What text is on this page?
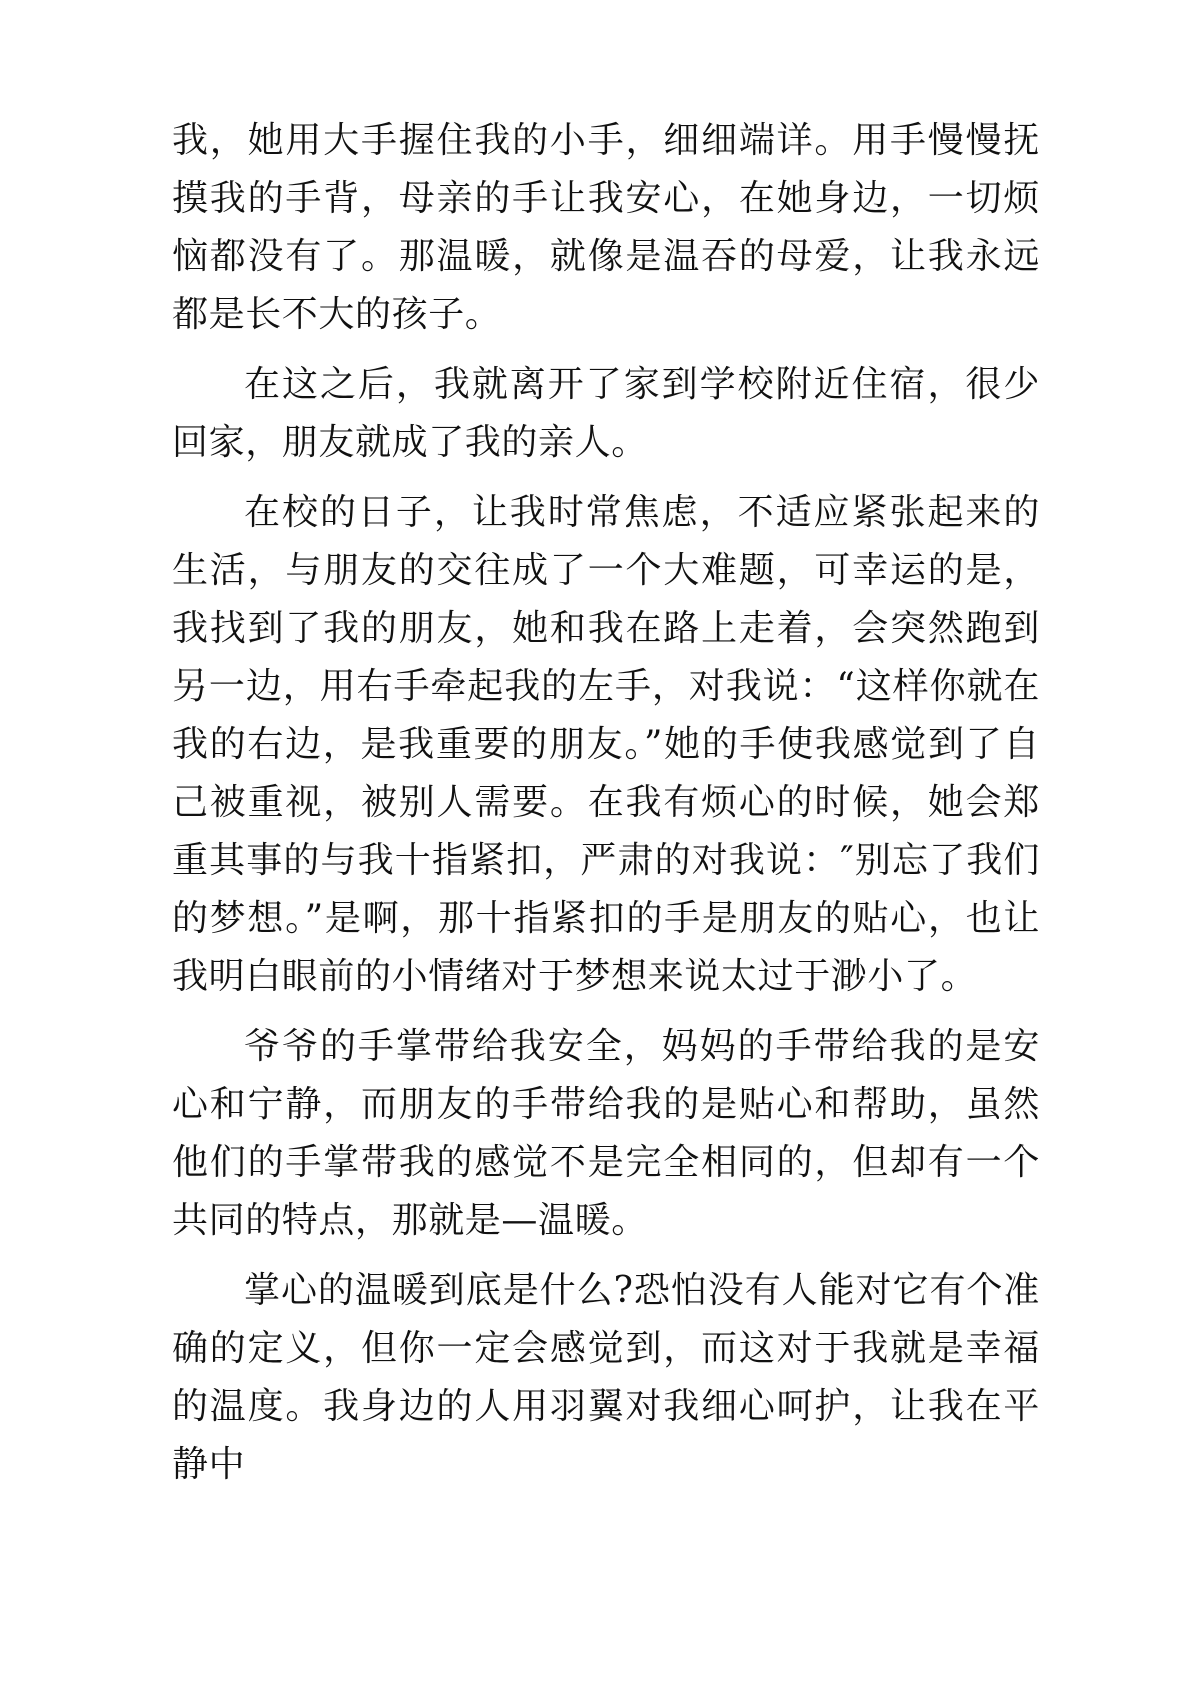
我，她用大手握住我的小手，细细端详。用手慢慢抚摸我的手背，母亲的手让我安心，在她身边，一切烦恼都没有了。那温暖，就像是温吞的母爱，让我永远都是长不大的孩子。

在这之后，我就离开了家到学校附近住宿，很少回家，朋友就成了我的亲人。

在校的日子，让我时常焦虑，不适应紧张起来的生活，与朋友的交往成了一个大难题，可幸运的是，我找到了我的朋友，她和我在路上走着，会突然跑到另一边，用右手牵起我的左手，对我说：“这样你就在我的右边，是我重要的朋友。”她的手使我感觉到了自己被重视，被别人需要。在我有烦心的时候，她会郑重其事的与我十指紧扣，严肃的对我说：″别忘了我们的梦想。”是啊，那十指紧扣的手是朋友的贴心，也让我明白眼前的小情绪对于梦想来说太过于渺小了。

爷爷的手掌带给我安全，妈妈的手带给我的是安心和宁静，而朋友的手带给我的是贴心和帮助，虽然他们的手掌带我的感觉不是完全相同的，但却有一个共同的特点，那就是—温暖。

掌心的温暖到底是什么?恐怕没有人能对它有个准确的定义，但你一定会感觉到，而这对于我就是幸福的温度。我身边的人用羽翼对我细心呵护，让我在平静中
